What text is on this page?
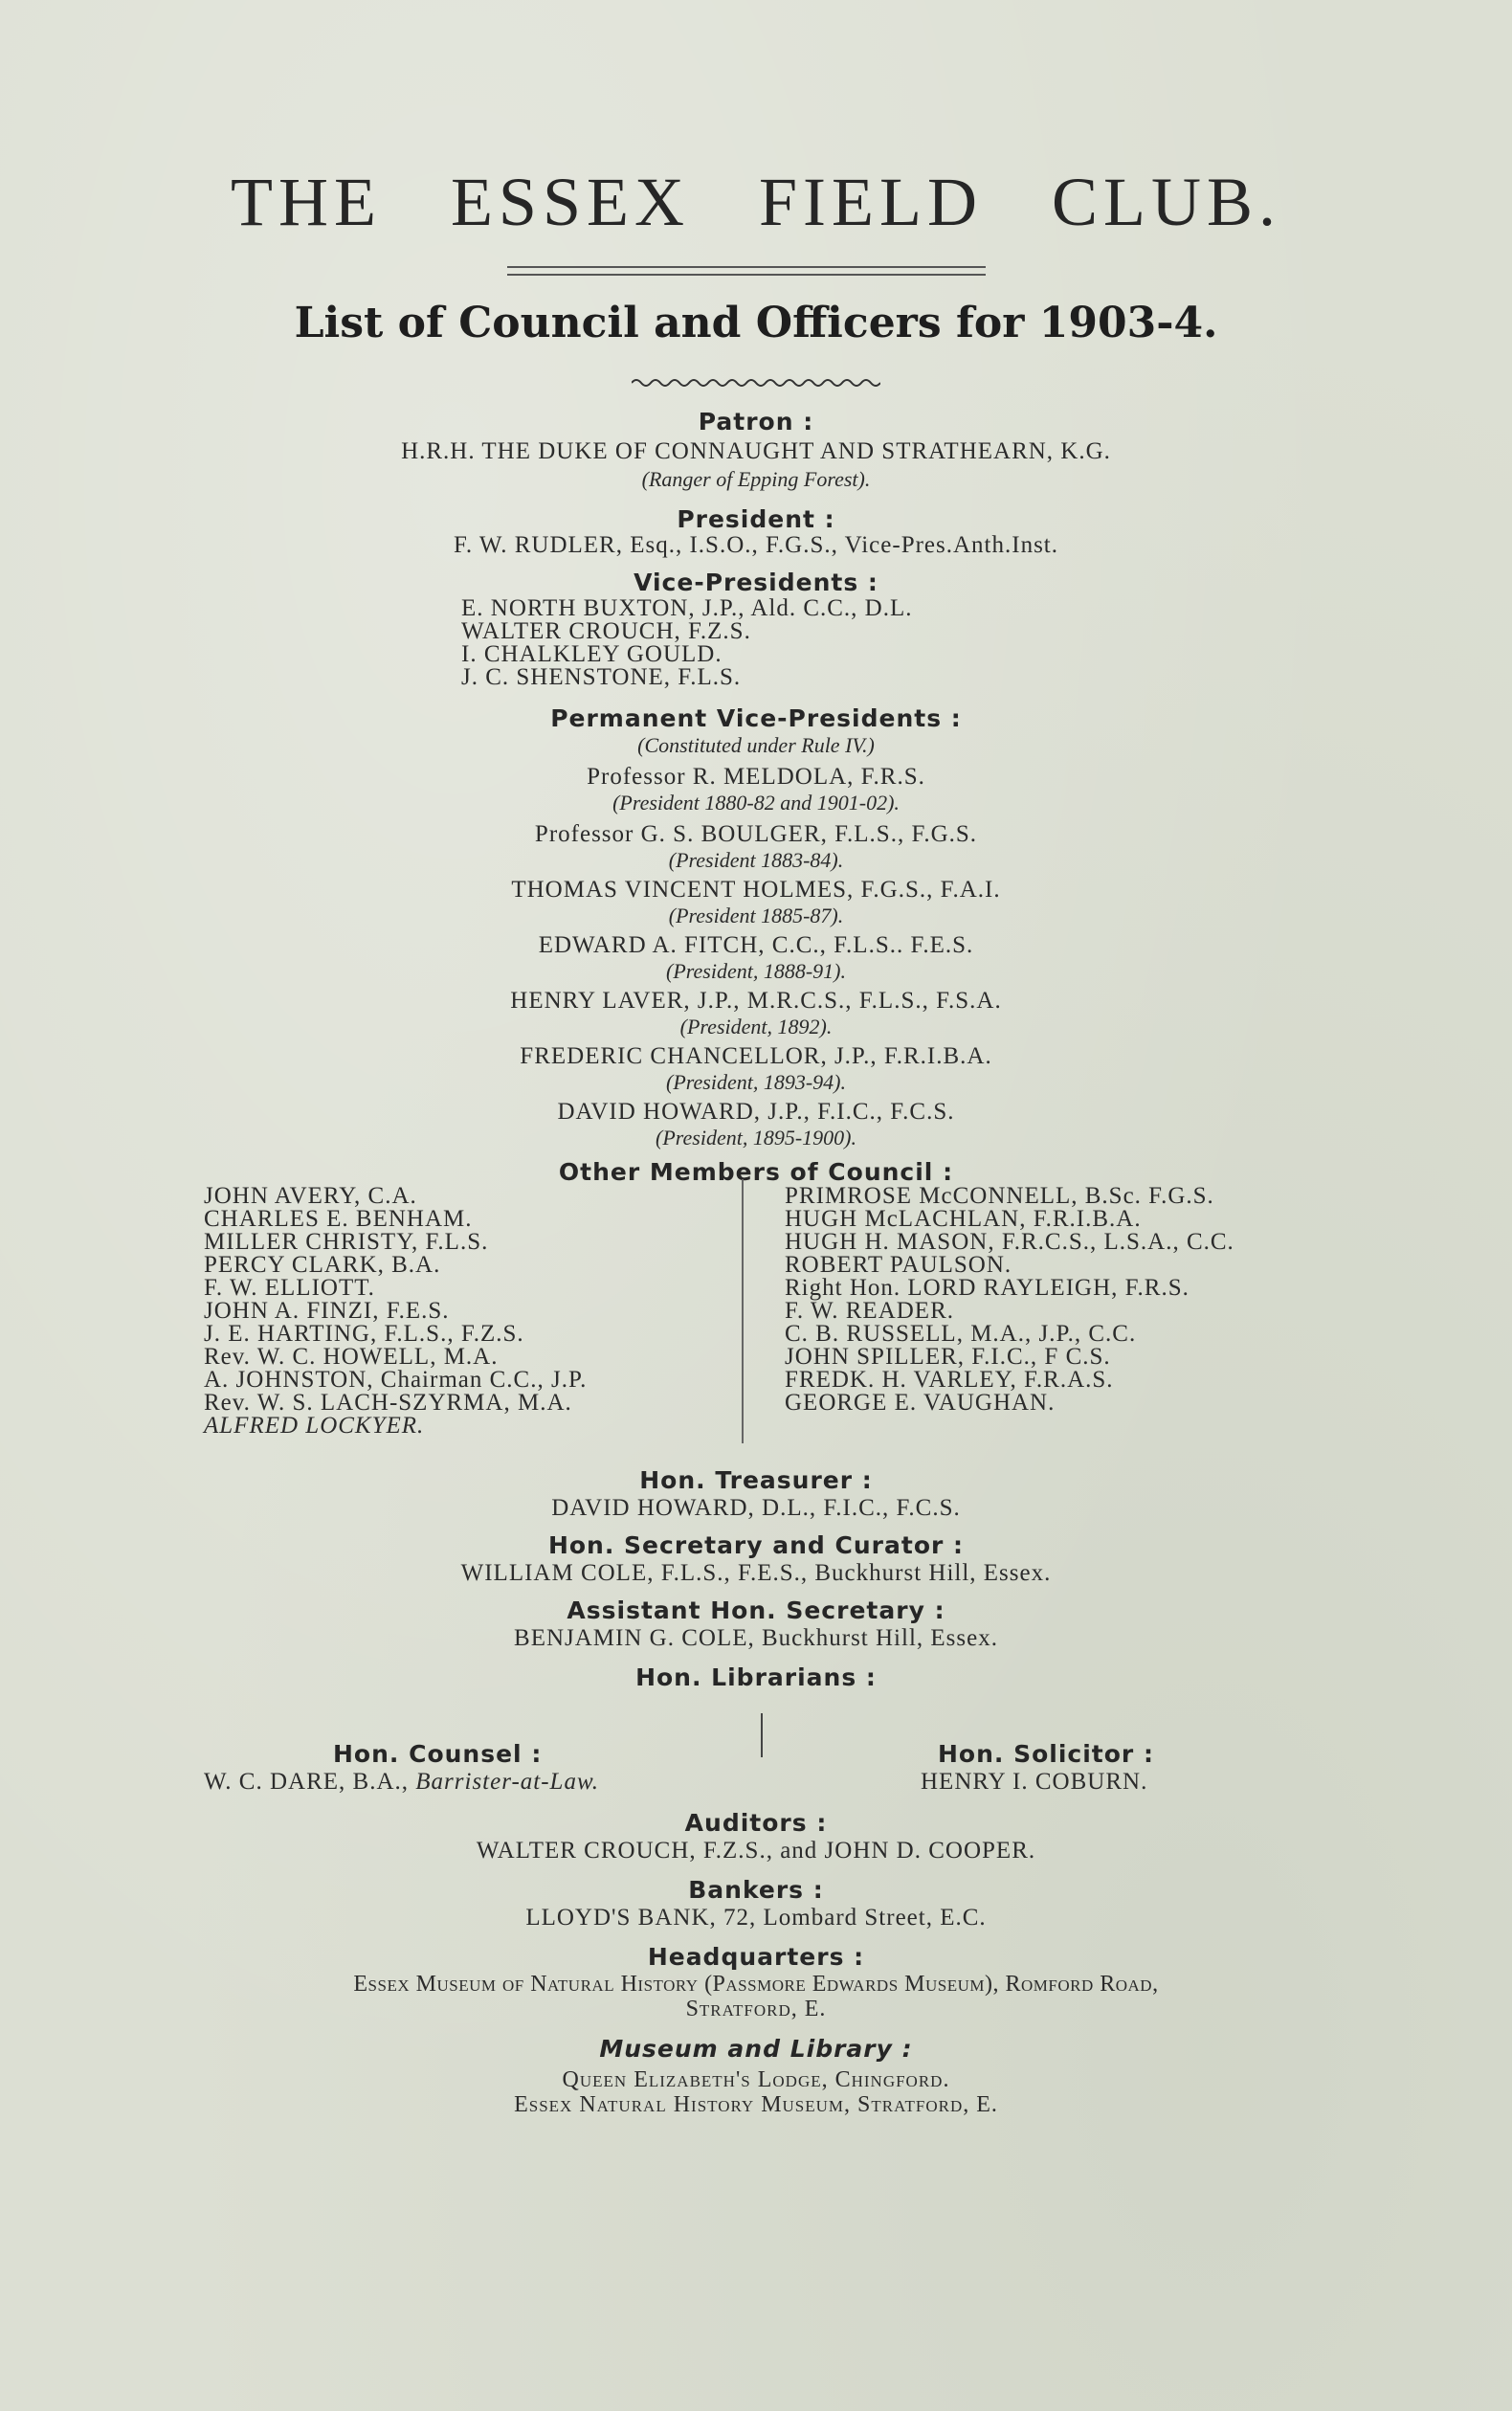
THE ESSEX FIELD CLUB.
List of Council and Officers for 1903-4.
Patron :
H.R.H. THE DUKE OF CONNAUGHT AND STRATHEARN, K.G.
(Ranger of Epping Forest).
President :
F. W. RUDLER, Esq., I.S.O., F.G.S., Vice-Pres.Anth.Inst.
Vice-Presidents :
E. NORTH BUXTON, J.P., Ald. C.C., D.L.
WALTER CROUCH, F.Z.S.
I. CHALKLEY GOULD.
J. C. SHENSTONE, F.L.S.
Permanent Vice-Presidents :
(Constituted under Rule IV.)
Professor R. MELDOLA, F.R.S.
(President 1880-82 and 1901-02).
Professor G. S. BOULGER, F.L.S., F.G.S.
(President 1883-84).
THOMAS VINCENT HOLMES, F.G.S., F.A.I.
(President 1885-87).
EDWARD A. FITCH, C.C., F.L.S.. F.E.S.
(President, 1888-91).
HENRY LAVER, J.P., M.R.C.S., F.L.S., F.S.A.
(President, 1892).
FREDERIC CHANCELLOR, J.P., F.R.I.B.A.
(President, 1893-94).
DAVID HOWARD, J.P., F.I.C., F.C.S.
(President, 1895-1900).
Other Members of Council :
JOHN AVERY, C.A.
CHARLES E. BENHAM.
MILLER CHRISTY, F.L.S.
PERCY CLARK, B.A.
F. W. ELLIOTT.
JOHN A. FINZI, F.E.S.
J. E. HARTING, F.L.S., F.Z.S.
Rev. W. C. HOWELL, M.A.
A. JOHNSTON, Chairman C.C., J.P.
Rev. W. S. LACH-SZYRMA, M.A.
ALFRED LOCKYER.
PRIMROSE McCONNELL, B.Sc. F.G.S.
HUGH McLACHLAN, F.R.I.B.A.
HUGH H. MASON, F.R.C.S., L.S.A., C.C.
ROBERT PAULSON.
Right Hon. LORD RAYLEIGH, F.R.S.
F. W. READER.
C. B. RUSSELL, M.A., J.P., C.C.
JOHN SPILLER, F.I.C., F C.S.
FREDK. H. VARLEY, F.R.A.S.
GEORGE E. VAUGHAN.
Hon. Treasurer :
DAVID HOWARD, D.L., F.I.C., F.C.S.
Hon. Secretary and Curator :
WILLIAM COLE, F.L.S., F.E.S., Buckhurst Hill, Essex.
Assistant Hon. Secretary :
BENJAMIN G. COLE, Buckhurst Hill, Essex.
Hon. Librarians :
Hon. Counsel :
W. C. DARE, B.A., Barrister-at-Law.
Hon. Solicitor :
HENRY I. COBURN.
Auditors :
WALTER CROUCH, F.Z.S., and JOHN D. COOPER.
Bankers :
LLOYD'S BANK, 72, Lombard Street, E.C.
Headquarters :
Essex Museum of Natural History (Passmore Edwards Museum), Romford Road,
Stratford, E.
Museum and Library :
Queen Elizabeth's Lodge, Chingford.
Essex Natural History Museum, Stratford, E.
